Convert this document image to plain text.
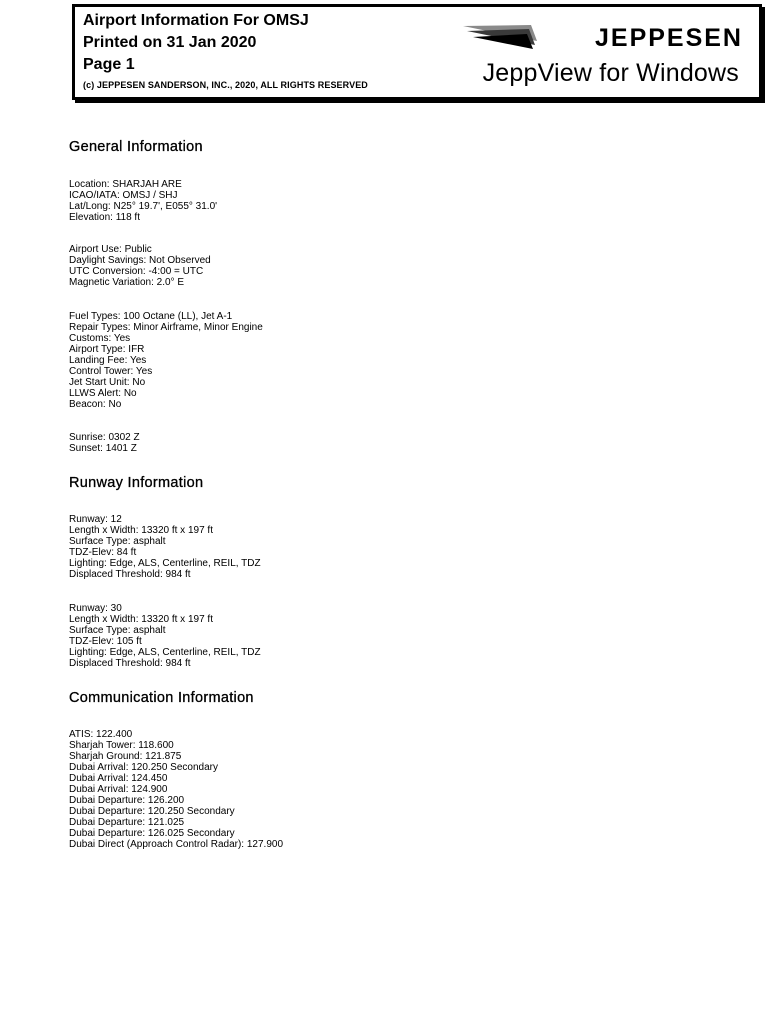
Airport Information For OMSJ
Printed on 31 Jan 2020
Page 1
(c) JEPPESEN SANDERSON, INC., 2020, ALL RIGHTS RESERVED
JEPPESEN
JeppView for Windows
General Information
Location: SHARJAH ARE
ICAO/IATA: OMSJ / SHJ
Lat/Long: N25° 19.7', E055° 31.0'
Elevation: 118 ft
Airport Use: Public
Daylight Savings: Not Observed
UTC Conversion: -4:00 = UTC
Magnetic Variation: 2.0° E
Fuel Types: 100 Octane (LL), Jet A-1
Repair Types: Minor Airframe, Minor Engine
Customs: Yes
Airport Type: IFR
Landing Fee: Yes
Control Tower: Yes
Jet Start Unit: No
LLWS Alert: No
Beacon: No
Sunrise: 0302 Z
Sunset: 1401 Z
Runway Information
Runway: 12
Length x Width: 13320 ft x 197 ft
Surface Type: asphalt
TDZ-Elev: 84 ft
Lighting: Edge, ALS, Centerline, REIL, TDZ
Displaced Threshold: 984 ft
Runway: 30
Length x Width: 13320 ft x 197 ft
Surface Type: asphalt
TDZ-Elev: 105 ft
Lighting: Edge, ALS, Centerline, REIL, TDZ
Displaced Threshold: 984 ft
Communication Information
ATIS: 122.400
Sharjah Tower: 118.600
Sharjah Ground: 121.875
Dubai Arrival: 120.250 Secondary
Dubai Arrival: 124.450
Dubai Arrival: 124.900
Dubai Departure: 126.200
Dubai Departure: 120.250 Secondary
Dubai Departure: 121.025
Dubai Departure: 126.025 Secondary
Dubai Direct (Approach Control Radar): 127.900
